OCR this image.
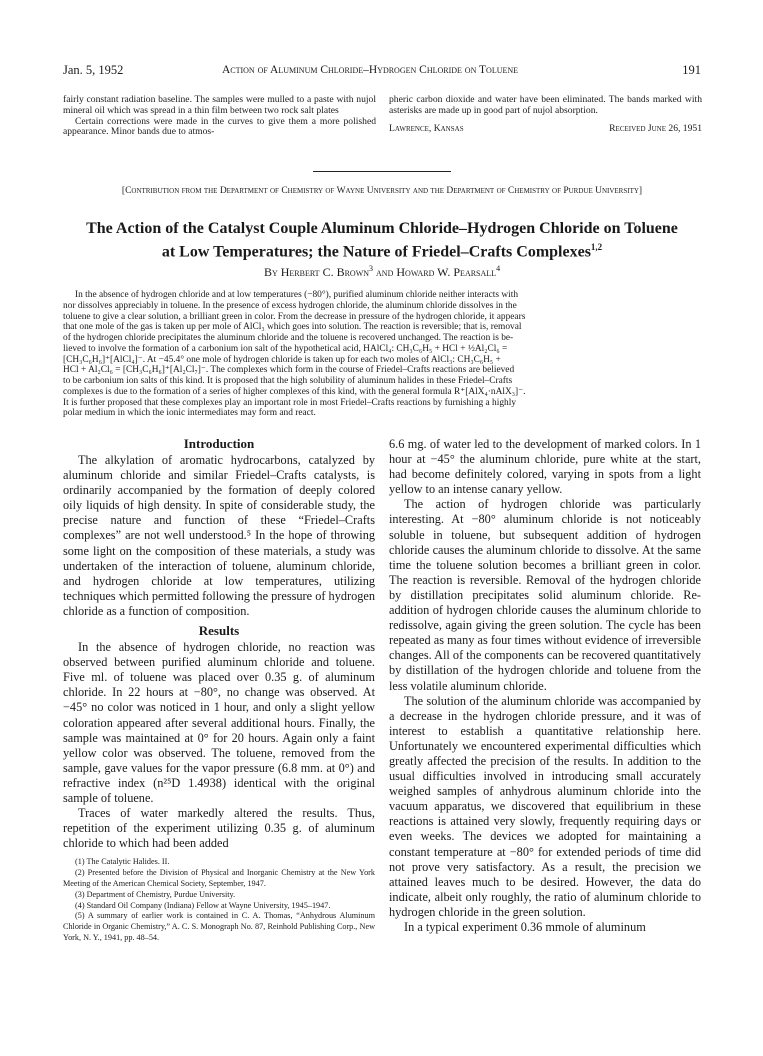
Jan. 5, 1952	Action of Aluminum Chloride–Hydrogen Chloride on Toluene	191
fairly constant radiation baseline. The samples were mulled to a paste with nujol mineral oil which was spread in a thin film between two rock salt plates
Certain corrections were made in the curves to give them a more polished appearance. Minor bands due to atmos-
pheric carbon dioxide and water have been eliminated. The bands marked with asterisks are made up in good part of nujol absorption.
Lawrence, Kansas	Received June 26, 1951
[Contribution from the Department of Chemistry of Wayne University and the Department of Chemistry of Purdue University]
The Action of the Catalyst Couple Aluminum Chloride–Hydrogen Chloride on Toluene
at Low Temperatures; the Nature of Friedel–Crafts Complexes$^{1,2}$
By Herbert C. Brown$^3$ and Howard W. Pearsall$^4$
In the absence of hydrogen chloride and at low temperatures (−80°), purified aluminum chloride neither interacts with
nor dissolves appreciably in toluene. In the presence of excess hydrogen chloride, the aluminum chloride dissolves in the
toluene to give a clear solution, a brilliant green in color. From the decrease in pressure of the hydrogen chloride, it appears
that one mole of the gas is taken up per mole of AlCl₃ which goes into solution. The reaction is reversible; that is, removal
of the hydrogen chloride precipitates the aluminum chloride and the toluene is recovered unchanged. The reaction is be-
lieved to involve the formation of a carbonium ion salt of the hypothetical acid, HAlCl₄: CH₃C₆H₅ + HCl + ½Al₂Cl₆ =
[CH₃C₆H₆]⁺[AlCl₄]⁻. At −45.4° one mole of hydrogen chloride is taken up for each two moles of AlCl₃: CH₃C₆H₅ +
HCl + Al₂Cl₆ = [CH₃C₆H₆]⁺[Al₂Cl₇]⁻. The complexes which form in the course of Friedel–Crafts reactions are believed
to be carbonium ion salts of this kind. It is proposed that the high solubility of aluminum halides in these Friedel–Crafts
complexes is due to the formation of a series of higher complexes of this kind, with the general formula R⁺[AlX₄·nAlX₃]⁻.
It is further proposed that these complexes play an important role in most Friedel–Crafts reactions by furnishing a highly
polar medium in which the ionic intermediates may form and react.
Introduction

The alkylation of aromatic hydrocarbons, catalyzed by aluminum chloride and similar Friedel–Crafts catalysts, is ordinarily accompanied by the formation of deeply colored oily liquids of high density. In spite of considerable study, the precise nature and function of these “Friedel–Crafts complexes” are not well understood.⁵ In the hope of throwing some light on the composition of these materials, a study was undertaken of the interaction of toluene, aluminum chloride, and hydrogen chloride at low temperatures, utilizing techniques which permitted following the pressure of hydrogen chloride as a function of composition.

Results

In the absence of hydrogen chloride, no reaction was observed between purified aluminum chloride and toluene. Five ml. of toluene was placed over 0.35 g. of aluminum chloride. In 22 hours at −80°, no change was observed. At −45° no color was noticed in 1 hour, and only a slight yellow coloration appeared after several additional hours. Finally, the sample was maintained at 0° for 20 hours. Again only a faint yellow color was observed. The toluene, removed from the sample, gave values for the vapor pressure (6.8 mm. at 0°) and refractive index (n²⁵D 1.4938) identical with the original sample of toluene.

Traces of water markedly altered the results. Thus, repetition of the experiment utilizing 0.35 g. of aluminum chloride to which had been added

(1) The Catalytic Halides. II.

(2) Presented before the Division of Physical and Inorganic Chemistry at the New York Meeting of the American Chemical Society, September, 1947.

(3) Department of Chemistry, Purdue University.

(4) Standard Oil Company (Indiana) Fellow at Wayne University, 1945–1947.

(5) A summary of earlier work is contained in C. A. Thomas, “Anhydrous Aluminum Chloride in Organic Chemistry,” A. C. S. Monograph No. 87, Reinhold Publishing Corp., New York, N. Y., 1941, pp. 48–54.

6.6 mg. of water led to the development of marked colors. In 1 hour at −45° the aluminum chloride, pure white at the start, had become definitely colored, varying in spots from a light yellow to an intense canary yellow.

The action of hydrogen chloride was particularly interesting. At −80° aluminum chloride is not noticeably soluble in toluene, but subsequent addition of hydrogen chloride causes the aluminum chloride to dissolve. At the same time the toluene solution becomes a brilliant green in color. The reaction is reversible. Removal of the hydrogen chloride by distillation precipitates solid aluminum chloride. Re-addition of hydrogen chloride causes the aluminum chloride to redissolve, again giving the green solution. The cycle has been repeated as many as four times without evidence of irreversible changes. All of the components can be recovered quantitatively by distillation of the hydrogen chloride and toluene from the less volatile aluminum chloride.

The solution of the aluminum chloride was accompanied by a decrease in the hydrogen chloride pressure, and it was of interest to establish a quantitative relationship here. Unfortunately we encountered experimental difficulties which greatly affected the precision of the results. In addition to the usual difficulties involved in introducing small accurately weighed samples of anhydrous aluminum chloride into the vacuum apparatus, we discovered that equilibrium in these reactions is attained very slowly, frequently requiring days or even weeks. The devices we adopted for maintaining a constant temperature at −80° for extended periods of time did not prove very satisfactory. As a result, the precision we attained leaves much to be desired. However, the data do indicate, albeit only roughly, the ratio of aluminum chloride to hydrogen chloride in the green solution.

In a typical experiment 0.36 mmole of aluminum
